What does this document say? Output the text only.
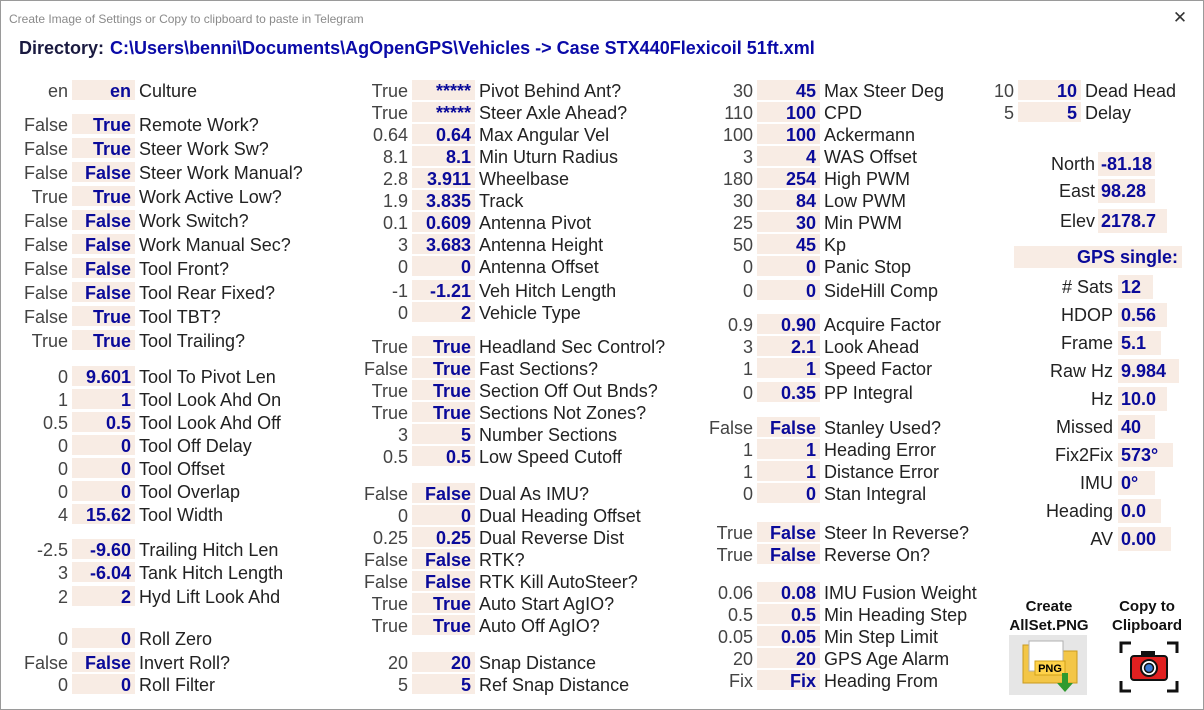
Create Image of Settings or Copy to clipboard to paste in Telegram	✕
Directory: C:\Users\benni\Documents\AgOpenGPS\Vehicles -> Case STX440Flexicoil 51ft.xml
en	en Culture
False	True Remote Work?
False	True Steer Work Sw?
False False Steer Work Manual?
True	True Work Active Low?
False False Work Switch?
False False Work Manual Sec?
False False Tool Front?
False False Tool Rear Fixed?
False	True Tool TBT?
True	True Tool Trailing?
0 9.601 Tool To Pivot Len
1	1 Tool Look Ahd On
0.5	0.5 Tool Look Ahd Off
0	0 Tool Off Delay
0	0 Tool Offset
0	0 Tool Overlap
4 15.62 Tool Width
-2.5	-9.60 Trailing Hitch Len
3	-6.04 Tank Hitch Length
2	2 Hyd Lift Look Ahd
0	0 Roll Zero
False False Invert Roll?
0	0 Roll Filter
True	***** Pivot Behind Ant?
True	***** Steer Axle Ahead?
0.64	0.64 Max Angular Vel
8.1	8.1 Min Uturn Radius
2.8	3.911 Wheelbase
1.9 3.835 Track
0.1 0.609 Antenna Pivot
3 3.683 Antenna Height
0	0 Antenna Offset
-1	-1.21 Veh Hitch Length
0	2 Vehicle Type
True	True Headland Sec Control?
False	True Fast Sections?
True	True Section Off Out Bnds?
True	True Sections Not Zones?
3	5 Number Sections
0.5	0.5 Low Speed Cutoff
False False Dual As IMU?
0	0 Dual Heading Offset
0.25	0.25 Dual Reverse Dist
False False RTK?
False False RTK Kill AutoSteer?
True	True Auto Start AgIO?
True	True Auto Off AgIO?
20	20 Snap Distance
5	5 Ref Snap Distance
30	45 Max Steer Deg
110	100 CPD
100	100 Ackermann
3	4 WAS Offset
180	254 High PWM
30	84 Low PWM
25	30 Min PWM
50	45 Kp
0	0 Panic Stop
0	0 SideHill Comp
0.9	0.90 Acquire Factor
3	2.1 Look Ahead
1	1 Speed Factor
0	0.35 PP Integral
False False Stanley Used?
1	1 Heading Error
1	1 Distance Error
0	0 Stan Integral
True False Steer In Reverse?
True False Reverse On?
0.06	0.08 IMU Fusion Weight
0.5	0.5 Min Heading Step
0.05	0.05 Min Step Limit
20	20 GPS Age Alarm
Fix	Fix Heading From
10	10 Dead Head
5	5 Delay
North -81.18
East 98.28
Elev 2178.7
GPS single:
# Sats 12
HDOP 0.56
Frame 5.1
Raw Hz 9.984
Hz 10.0
Missed 40
Fix2Fix 573°
IMU 0°
Heading 0.0
AV 0.00
Create
AllSet.PNG
PNG
Copy to
Clipboard
